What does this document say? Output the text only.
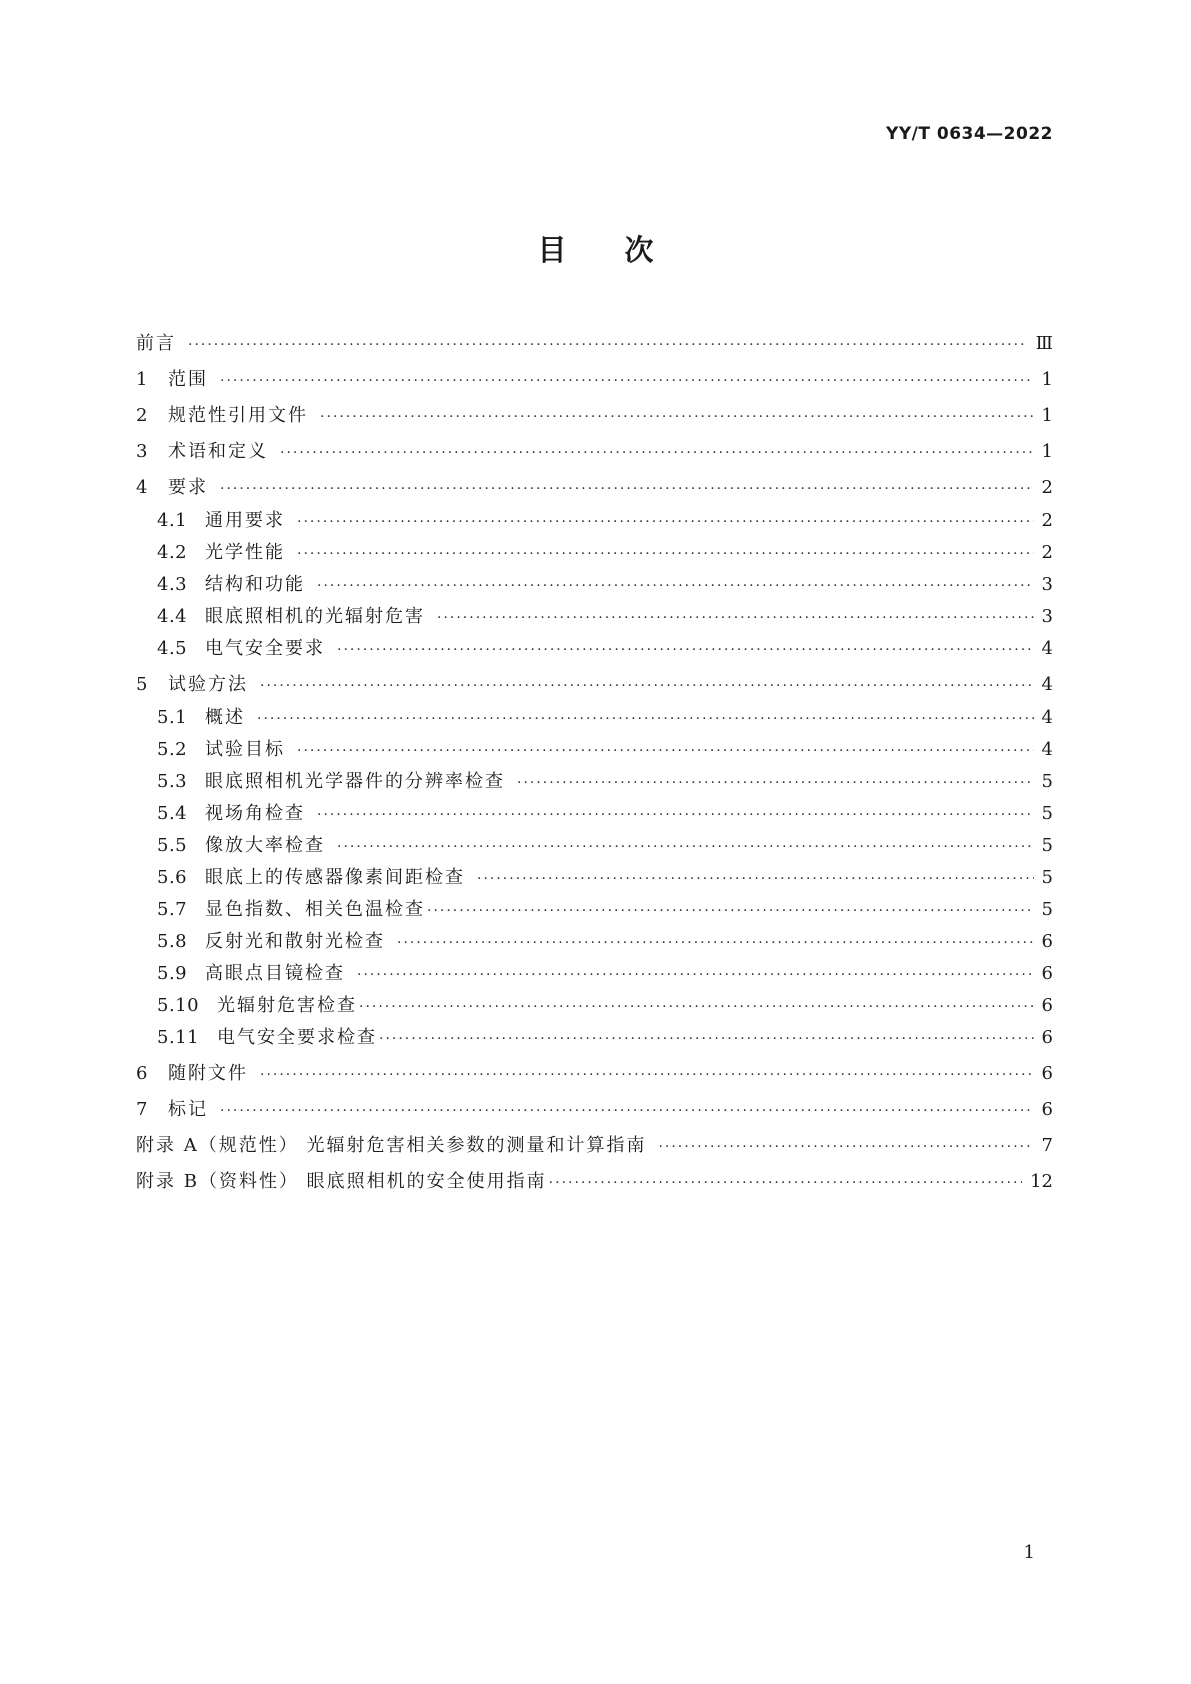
YY/T 0634—2022
目次
前言 ·····	Ⅲ
1	范围 ·····	1
2	规范性引用文件 ·····	1
3	术语和定义 ·····	1
4	要求 ·····	2
4.1 通用要求 ·····	2
4.2 光学性能 ·····	2
4.3 结构和功能 ·····	3
4.4 眼底照相机的光辐射危害 ·····	3
4.5 电气安全要求 ·····	4
5	试验方法 ·····	4
5.1 概述 ·····	4
5.2 试验目标 ·····	4
5.3 眼底照相机光学器件的分辨率检查 ·····	5
5.4 视场角检查 ·····	5
5.5 像放大率检查 ·····	5
5.6 眼底上的传感器像素间距检查 ·····	5
5.7 显色指数、相关色温检查 ·····	5
5.8 反射光和散射光检查 ·····	6
5.9 高眼点目镜检查 ·····	6
5.10 光辐射危害检查 ·····	6
5.11 电气安全要求检查 ·····	6
6	随附文件 ·····	6
7	标记 ·····	6
附录 A（规范性） 光辐射危害相关参数的测量和计算指南 ·····	7
附录 B（资料性） 眼底照相机的安全使用指南 ·····	12
1
